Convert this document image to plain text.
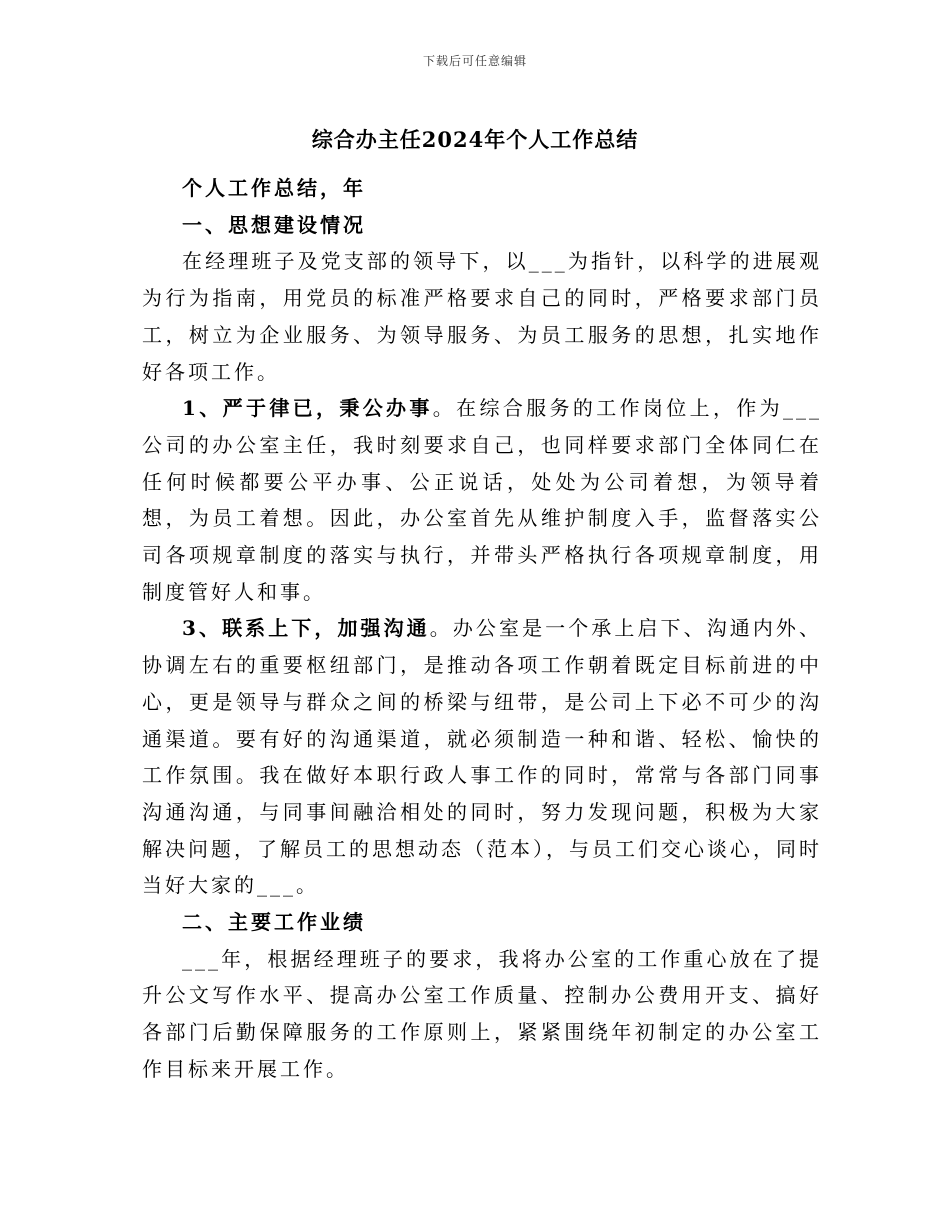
下载后可任意编辑
综合办主任2024年个人工作总结

个人工作总结，年

一、思想建设情况

在经理班子及党支部的领导下，以___为指针，以科学的进展观为行为指南，用党员的标准严格要求自己的同时，严格要求部门员工，树立为企业服务、为领导服务、为员工服务的思想，扎实地作好各项工作。

1、严于律已，秉公办事。在综合服务的工作岗位上，作为___公司的办公室主任，我时刻要求自己，也同样要求部门全体同仁在任何时候都要公平办事、公正说话，处处为公司着想，为领导着想，为员工着想。因此，办公室首先从维护制度入手，监督落实公司各项规章制度的落实与执行，并带头严格执行各项规章制度，用制度管好人和事。

3、联系上下，加强沟通。办公室是一个承上启下、沟通内外、协调左右的重要枢纽部门，是推动各项工作朝着既定目标前进的中心，更是领导与群众之间的桥梁与纽带，是公司上下必不可少的沟通渠道。要有好的沟通渠道，就必须制造一种和谐、轻松、愉快的工作氛围。我在做好本职行政人事工作的同时，常常与各部门同事沟通沟通，与同事间融洽相处的同时，努力发现问题，积极为大家解决问题，了解员工的思想动态（范本），与员工们交心谈心，同时当好大家的___。

二、主要工作业绩

___年，根据经理班子的要求，我将办公室的工作重心放在了提升公文写作水平、提高办公室工作质量、控制办公费用开支、搞好各部门后勤保障服务的工作原则上，紧紧围绕年初制定的办公室工作目标来开展工作。
